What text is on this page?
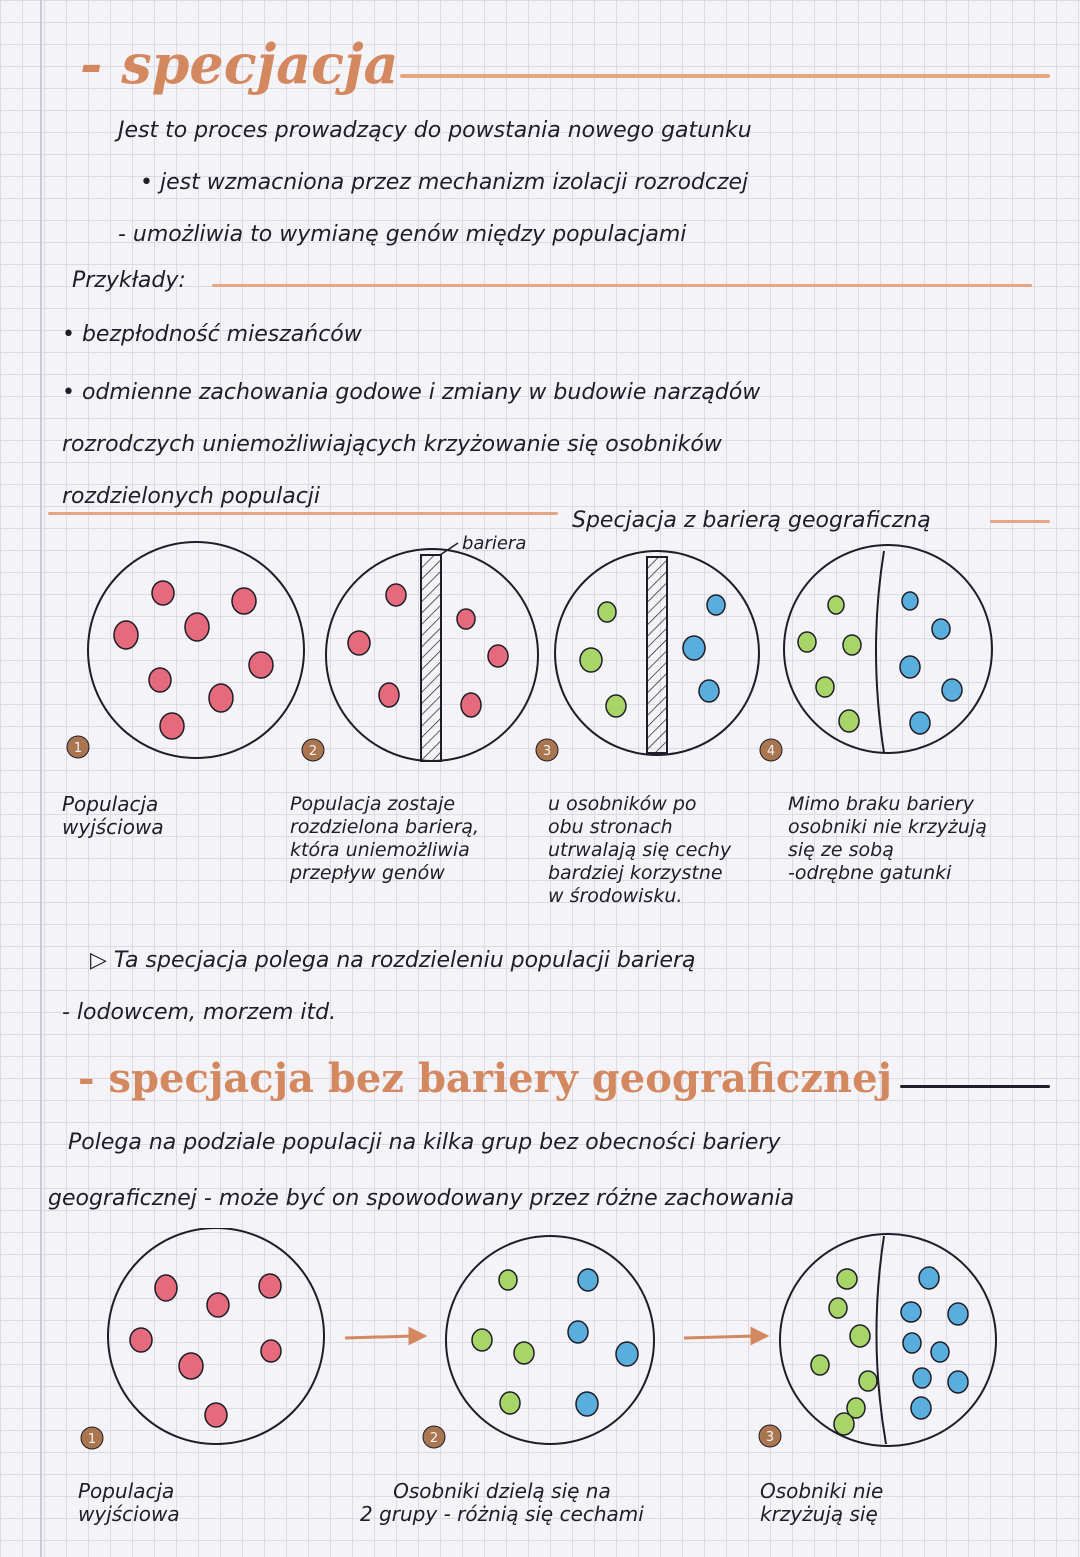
- specjacja
Jest to proces prowadzący do powstania nowego gatunku
• jest wzmacniona przez mechanizm izolacji rozrodczej
- umożliwia to wymianę genów między populacjami
Przykłady:
• bezpłodność mieszańców
• odmienne zachowania godowe i zmiany w budowie narządów
rozrodczych uniemożliwiających krzyżowanie się osobników
rozdzielonych populacji
Specjacja z barierą geograficzną
bariera
1	2	3	4
Populacja
wyjściowa
Populacja zostaje
rozdzielona barierą,
która uniemożliwia
przepływ genów
u osobników po
obu stronach
utrwalają się cechy
bardziej korzystne
w środowisku.
Mimo braku bariery
osobniki nie krzyżują
się ze sobą
-odrębne gatunki
▷ Ta specjacja polega na rozdzieleniu populacji barierą
- lodowcem, morzem itd.
- specjacja bez bariery geograficznej
Polega na podziale populacji na kilka grup bez obecności bariery
geograficznej - może być on spowodowany przez różne zachowania
1	2	3
Populacja
wyjściowa
Osobniki dzielą się na
2 grupy - różnią się cechami
Osobniki nie
krzyżują się
